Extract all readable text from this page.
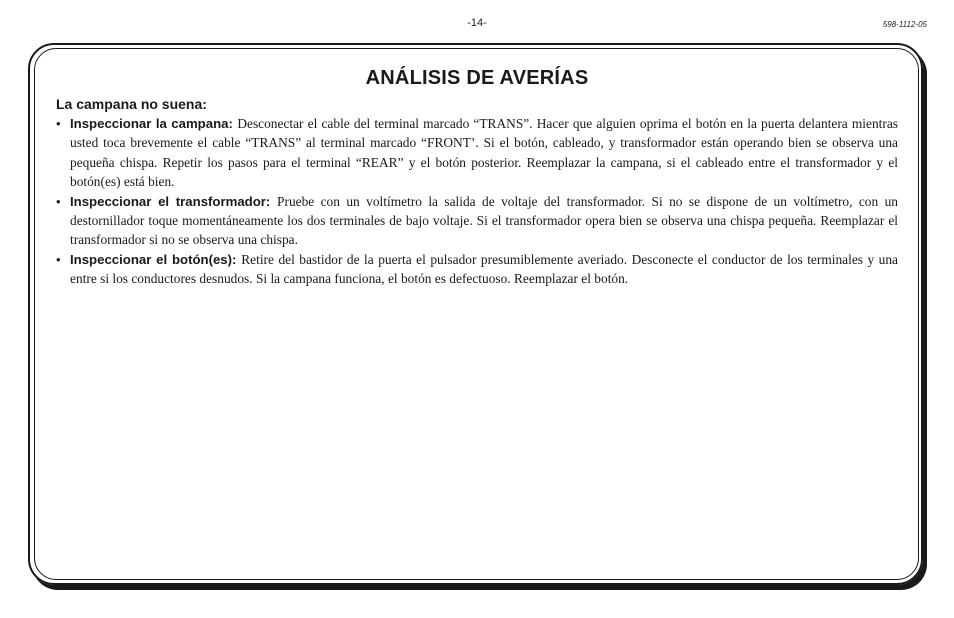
-14-	598-1112-05
ANÁLISIS DE AVERÍAS

La campana no suena:

• Inspeccionar la campana: Desconectar el cable del terminal marcado “TRANS”. Hacer que alguien oprima el botón en la puerta delantera mientras usted toca brevemente el cable “TRANS” al terminal marcado “FRONT’. Si el botón, cableado, y transformador están operando bien se observa una pequeña chispa. Repetir los pasos para el terminal “REAR” y el botón posterior. Reemplazar la campana, si el cableado entre el transformador y el botón(es) está bien.
• Inspeccionar el transformador: Pruebe con un voltímetro la salida de voltaje del transformador. Si no se dispone de un voltímetro, con un destornillador toque momentáneamente los dos terminales de bajo voltaje. Si el transformador opera bien se observa una chispa pequeña. Reemplazar el transformador si no se observa una chispa.
• Inspeccionar el botón(es): Retire del bastidor de la puerta el pulsador presumiblemente averiado. Desconecte el conductor de los terminales y una entre si los conductores desnudos. Si la campana funciona, el botón es defectuoso. Reemplazar el botón.
